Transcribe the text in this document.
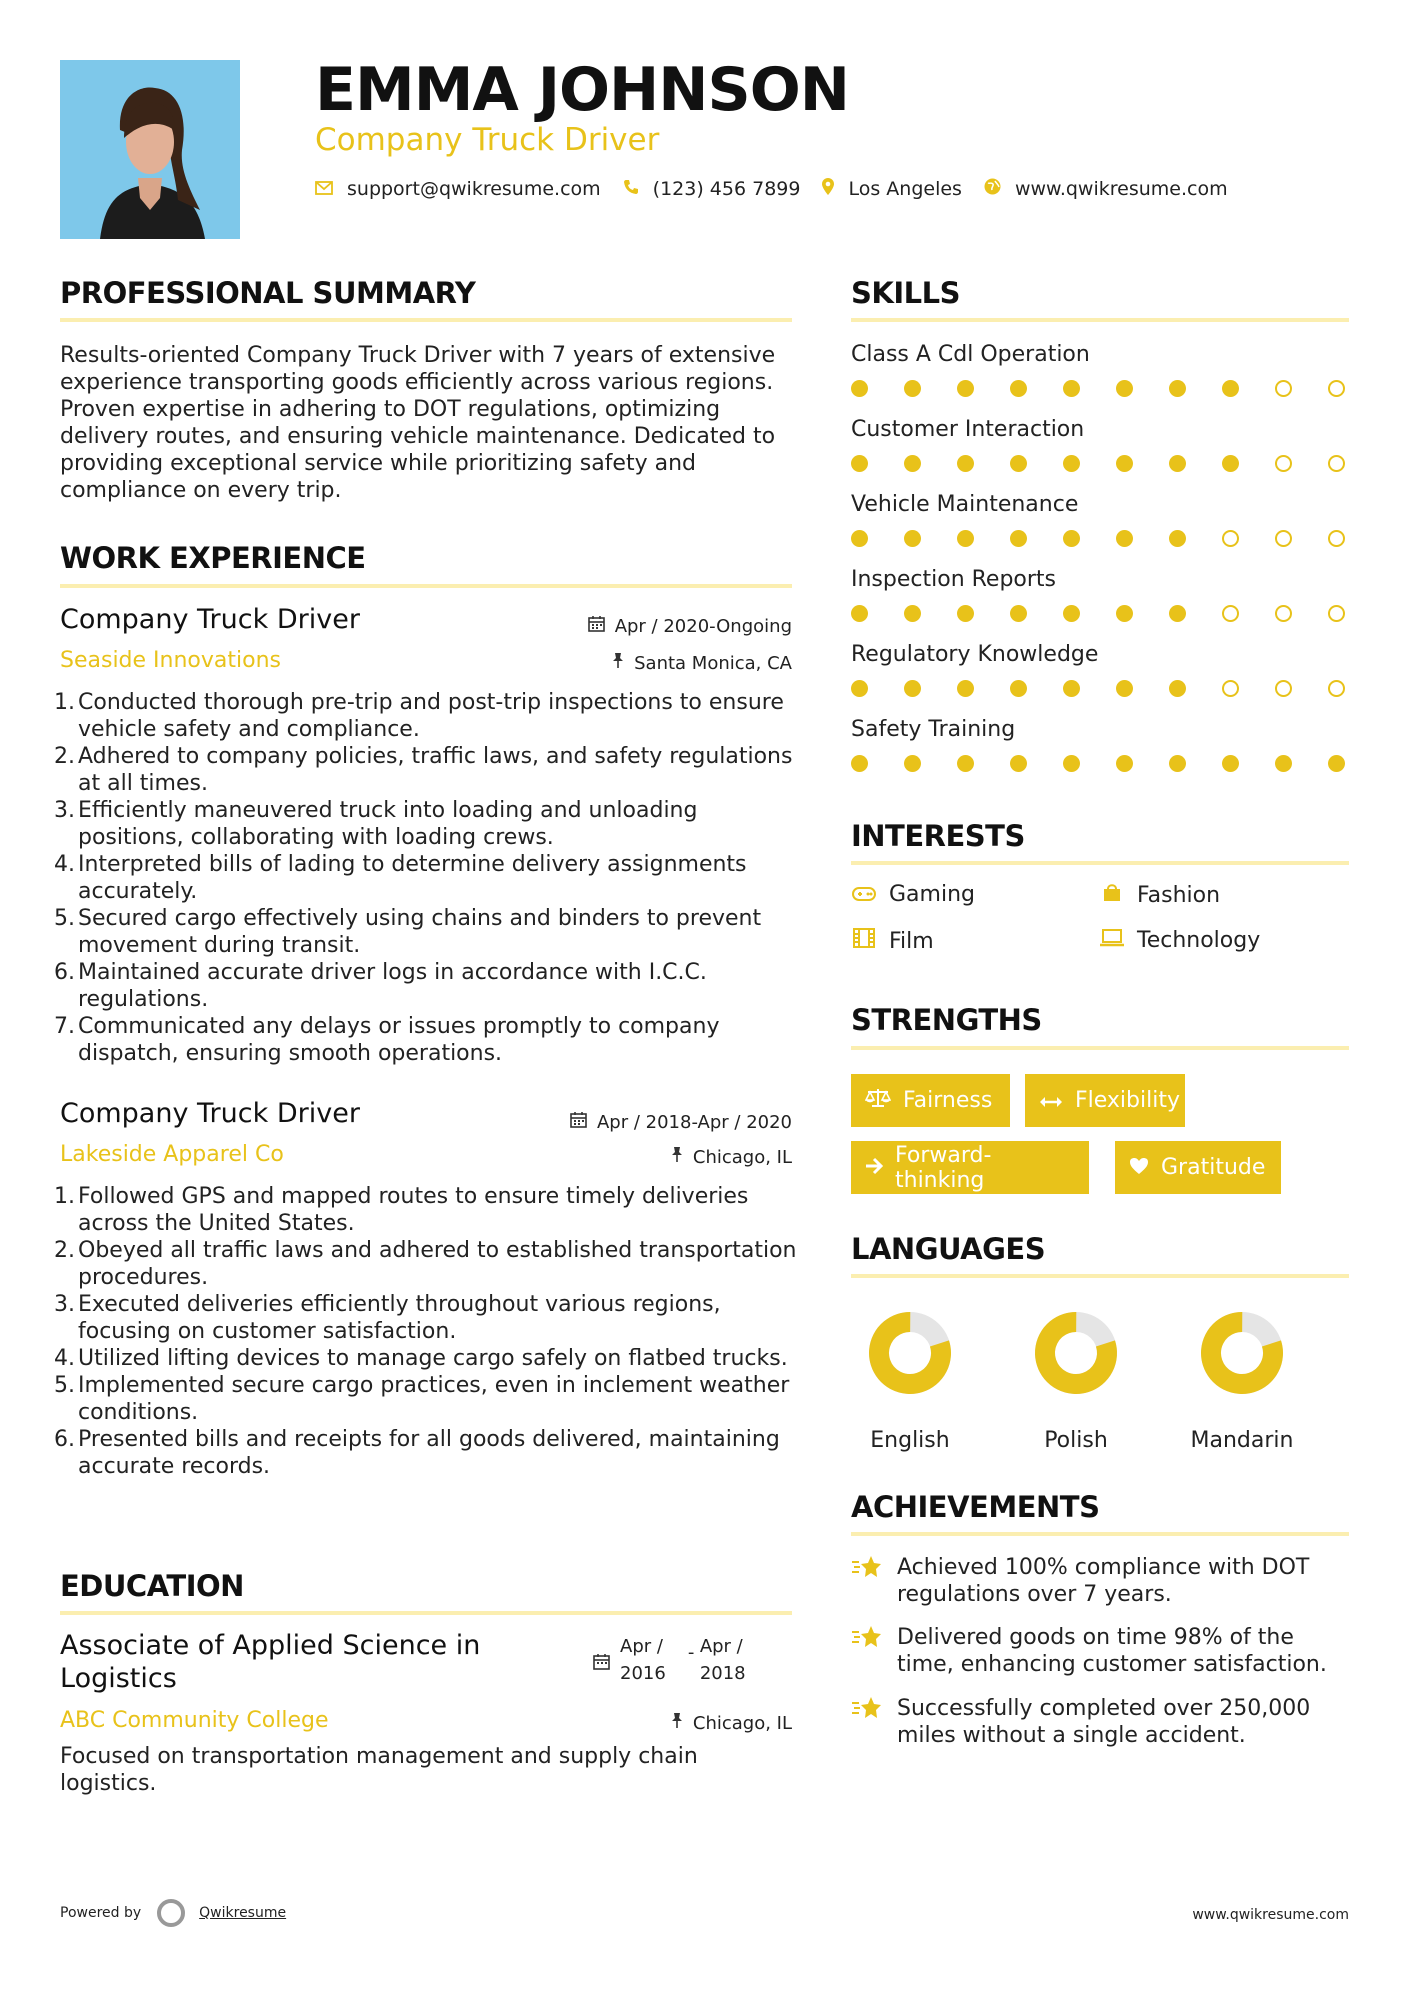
EMMA JOHNSON
Company Truck Driver
support@qwikresume.com	(123) 456 7899	Los Angeles	www.qwikresume.com
PROFESSIONAL SUMMARY
Results-oriented Company Truck Driver with 7 years of extensive experience transporting goods efficiently across various regions. Proven expertise in adhering to DOT regulations, optimizing delivery routes, and ensuring vehicle maintenance. Dedicated to providing exceptional service while prioritizing safety and compliance on every trip.
WORK EXPERIENCE
Company Truck Driver	Apr / 2020-Ongoing
Seaside Innovations	Santa Monica, CA
1. Conducted thorough pre-trip and post-trip inspections to ensure vehicle safety and compliance.
2. Adhered to company policies, traffic laws, and safety regulations at all times.
3. Efficiently maneuvered truck into loading and unloading positions, collaborating with loading crews.
4. Interpreted bills of lading to determine delivery assignments accurately.
5. Secured cargo effectively using chains and binders to prevent movement during transit.
6. Maintained accurate driver logs in accordance with I.C.C. regulations.
7. Communicated any delays or issues promptly to company dispatch, ensuring smooth operations.
Company Truck Driver	Apr / 2018-Apr / 2020
Lakeside Apparel Co	Chicago, IL
1. Followed GPS and mapped routes to ensure timely deliveries across the United States.
2. Obeyed all traffic laws and adhered to established transportation procedures.
3. Executed deliveries efficiently throughout various regions, focusing on customer satisfaction.
4. Utilized lifting devices to manage cargo safely on flatbed trucks.
5. Implemented secure cargo practices, even in inclement weather conditions.
6. Presented bills and receipts for all goods delivered, maintaining accurate records.
EDUCATION
Associate of Applied Science in Logistics
Apr /
2016
- Apr /
2018
ABC Community College	Chicago, IL
Focused on transportation management and supply chain logistics.
SKILLS
Class A Cdl Operation
Customer Interaction
Vehicle Maintenance
Inspection Reports
Regulatory Knowledge
Safety Training
INTERESTS
Gaming	Fashion
Film	Technology
STRENGTHS
Fairness	Flexibility
Forward-thinking	Gratitude
LANGUAGES
English	Polish	Mandarin
ACHIEVEMENTS
Achieved 100% compliance with DOT regulations over 7 years.
Delivered goods on time 98% of the time, enhancing customer satisfaction.
Successfully completed over 250,000 miles without a single accident.
Powered by	Qwikresume	www.qwikresume.com
